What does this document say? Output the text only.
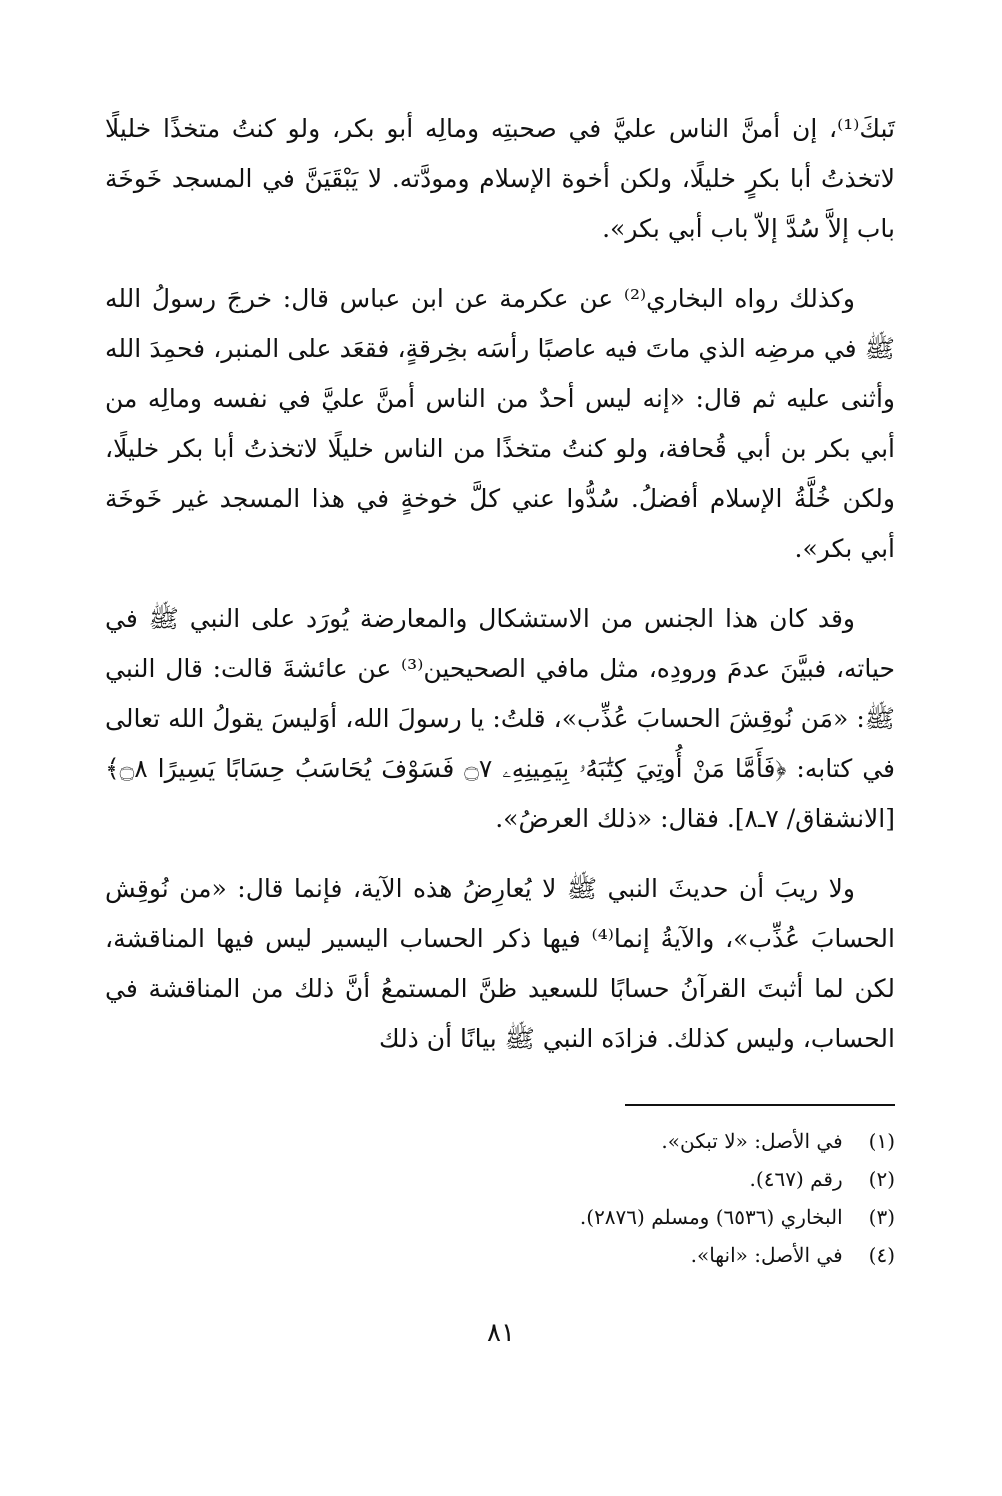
تَبكَ⁽¹⁾، إن أمنَّ الناس عليَّ في صحبتِه ومالِه أبو بكر، ولو كنتُ متخذًا خليلًا لاتخذتُ أبا بكرٍ خليلًا، ولكن أخوة الإسلام ومودَّته. لا يَبْقَيَنَّ في المسجد خَوخَة باب إلاَّ سُدَّ إلاّ باب أبي بكر».

وكذلك رواه البخاري⁽²⁾ عن عكرمة عن ابن عباس قال: خرجَ رسولُ الله ﷺ في مرضِه الذي ماتَ فيه عاصبًا رأسَه بخِرقةٍ، فقعَد على المنبر، فحمِدَ الله وأثنى عليه ثم قال: «إنه ليس أحدٌ من الناس أمنَّ عليَّ في نفسه ومالِه من أبي بكر بن أبي قُحافة، ولو كنتُ متخذًا من الناس خليلًا لاتخذتُ أبا بكر خليلًا، ولكن خُلَّةُ الإسلام أفضلُ. سُدُّوا عني كلَّ خوخةٍ في هذا المسجد غير خَوخَة أبي بكر».

وقد كان هذا الجنس من الاستشكال والمعارضة يُورَد على النبي ﷺ في حياته، فبيَّنَ عدمَ ورودِه، مثل مافي الصحيحين⁽³⁾ عن عائشةَ قالت: قال النبي ﷺ: «مَن نُوقِشَ الحسابَ عُذِّب»، قلتُ: يا رسولَ الله، أوَليسَ يقولُ الله تعالى في كتابه: ﴿فَأَمَّا مَنْ أُوتِيَ كِتَٰبَهُۥ بِيَمِينِهِۦ ۝٧ فَسَوْفَ يُحَاسَبُ حِسَابًا يَسِيرًا ۝٨﴾ [الانشقاق/ ٧ـ٨]. فقال: «ذلك العرضُ».

ولا ريبَ أن حديثَ النبي ﷺ لا يُعارِضُ هذه الآية، فإنما قال: «من نُوقِش الحسابَ عُذِّب»، والآيةُ إنما⁽⁴⁾ فيها ذكر الحساب اليسير ليس فيها المناقشة، لكن لما أثبتَ القرآنُ حسابًا للسعيد ظنَّ المستمعُ أنَّ ذلك من المناقشة في الحساب، وليس كذلك. فزادَه النبي ﷺ بيانًا أن ذلك

(١) في الأصل: «لا تبكن».
(٢) رقم (٤٦٧).
(٣) البخاري (٦٥٣٦) ومسلم (٢٨٧٦).
(٤) في الأصل: «انها».
٨١
